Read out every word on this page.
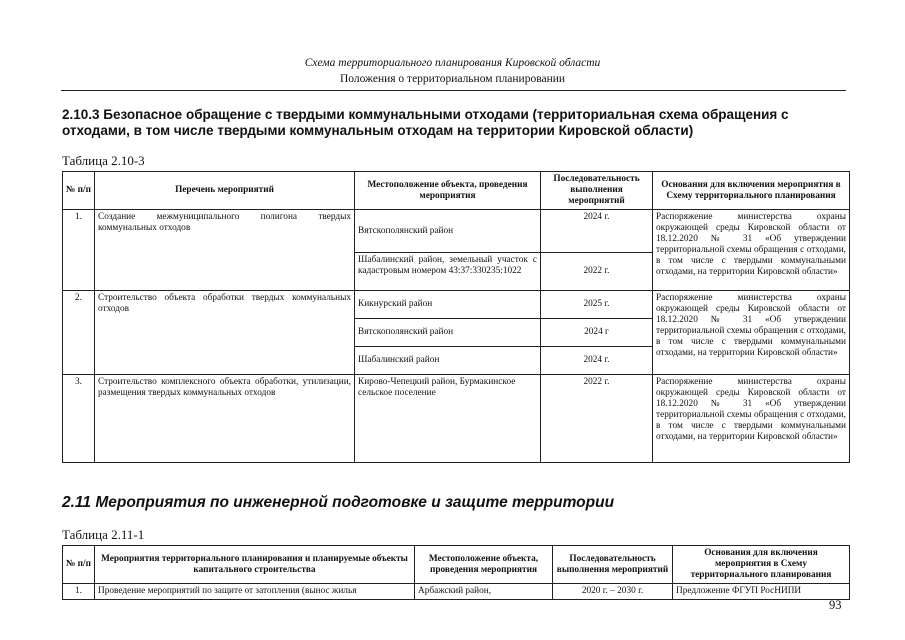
Схема территориального планирования Кировской области
Положения о территориальном планировании
2.10.3 Безопасное обращение с твердыми коммунальными отходами (территориальная схема обращения с отходами, в том числе твердыми коммунальным отходам на территории Кировской области)
Таблица 2.10-3
№ п/п	Перечень мероприятий	Местоположение объекта, проведения мероприятия	Последовательность выполнения мероприятий	Основания для включения мероприятия в Схему территориального планирования
1.	Создание межмуниципального полигона твердых коммунальных отходов	Вятскополянский район	2024 г.	Распоряжение министерства охраны окружающей среды Кировской области от 18.12.2020 № 31 «Об утверждении территориальной схемы обращения с отходами, в том числе с твердыми коммунальными отходами, на территории Кировской области»
		Шабалинский район, земельный участок с кадастровым номером 43:37:330235:1022	2022 г.	
2.	Строительство объекта обработки твердых коммунальных отходов	Кикнурский район	2025 г.	Распоряжение министерства охраны окружающей среды Кировской области от 18.12.2020 № 31 «Об утверждении территориальной схемы обращения с отходами, в том числе с твердыми коммунальными отходами, на территории Кировской области»
		Вятскополянский район	2024 г	
		Шабалинский район	2024 г.	
3.	Строительство комплексного объекта обработки, утилизации, размещения твердых коммунальных отходов	Кирово-Чепецкий район, Бурмакинское сельское поселение	2022 г.	Распоряжение министерства охраны окружающей среды Кировской области от 18.12.2020 № 31 «Об утверждении территориальной схемы обращения с отходами, в том числе с твердыми коммунальными отходами, на территории Кировской области»
2.11 Мероприятия по инженерной подготовке и защите территории
Таблица 2.11-1
№ п/п	Мероприятия территориального планирования и планируемые объекты капитального строительства	Местоположение объекта, проведения мероприятия	Последовательность выполнения мероприятий	Основания для включения мероприятия в Схему территориального планирования
1.	Проведение мероприятий по защите от затопления (вынос жилья	Арбажский район,	2020 г. – 2030 г.	Предложение ФГУП РосНИПИ
93
